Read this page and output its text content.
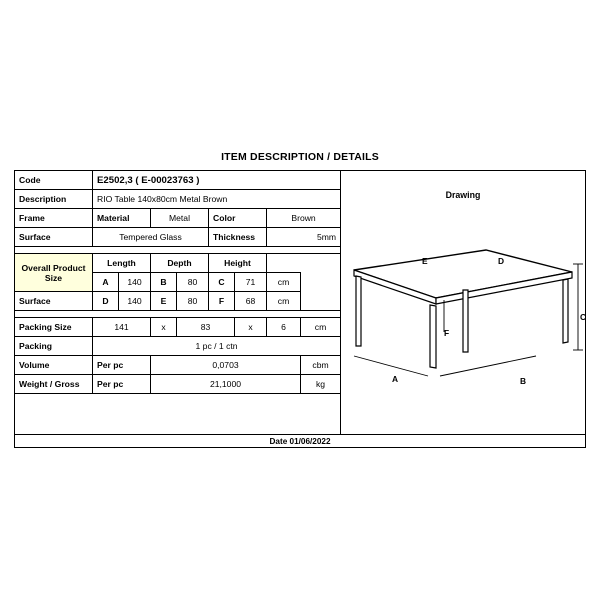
ITEM DESCRIPTION / DETAILS
Code	E2502,3 ( E-00023763 )							
Description	RIO Table 140x80cm Metal Brown							
Frame	Material		Metal		Color		Brown	
Surface	Tempered Glass				Thickness		5mm	

Overall Product
Size	Length		Depth		Height			
	A	140	B	80	C	71	cm	
Surface	D	140	E	80	F	68	cm	

Packing Size	141		x	83		x	6	cm
Packing	1 pc / 1 ctn							
Volume	Per pc		0,0703					cbm
Weight / Gross	Per pc		21,1000					kg
Drawing
E	D
C
F
A	B
Date 01/06/2022
